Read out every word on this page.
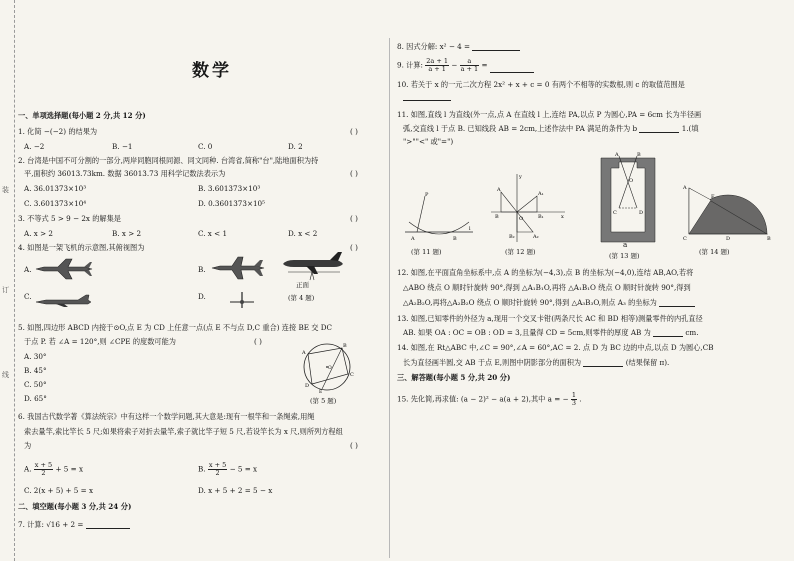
装
订
线
数学
一、单项选择题(每小题 2 分,共 12 分)
1. 化简 −(−2) 的结果为	( )
A. −2	B. −1	C. 0	D. 2
2. 台湾是中国不可分割的一部分,两岸同胞同根同源、同文同种. 台湾省,简称"台",陆地面积为持
平,面积约 36013.73km. 数据 36013.73 用科学记数法表示为	( )
A. 36.01373×10³	B. 3.601373×10³
C. 3.601373×10⁴	D. 0.3601373×10⁵
3. 不等式 5 > 9 − 2x 的解集是	( )
A. x > 2	B. x > 2	C. x < 1	D. x < 2
4. 如图是一架飞机的示意图,其俯视图为	( )
A.	B.
正面
(第 4 题)
C.	D.
5. 如图,四边形 ABCD 内接于⊙O,点 E 为 CD 上任意一点(点 E 不与点 D,C 重合) 连接 BE 交 DC
于点 P. 若 ∠A = 120°,则 ∠CPE 的度数可能为	( )
A. 30°
B. 45°
C. 50°
D. 65°
A
B
C
D
O
E
(第 5 题)
6. 我国古代数学著《算法统宗》中有这样一个数学问题,其大意是:现有一根竿和一条绳索,用绳
索去量竿,索比竿长 5 尺;如果将索子对折去量竿,索子就比竿子短 5 尺,若设竿长为 x 尺,则所列方程组
为	( )
A. $\frac{x + 5}{2} + 5 = x$	B. $\frac{x + 5}{2} - 5 = x$
C. 2(x + 5) + 5 = x	D. x + 5 + 2 = 5 − x
二、填空题(每小题 3 分,共 24 分)
7. 计算: √16 + 2 =
8. 因式分解: x² − 4 =
9. 计算: $\frac{2a + 1}{a + 1} - \frac{a}{a + 1}$ =
10. 若关于 x 的一元二次方程 2x² + x + c = 0 有两个不相等的实数根,则 c 的取值范围是
11. 如图,直线 l 为直线(外一点,点 A 在直线 l 上,连结 PA,以点 P 为圆心,PA = 6cm 长为半径画
弧,交直线 l 于点 B. 已知线段 AB = 2cm,上述作法中 PA 满足的条件为 b	1.(填
">""<" 或"=")
P
A	B
l
(第 11 题)
A
B
A₁
B₁
A₂
B₂
O	x
y
(第 12 题)
A	B
O
C	D
a
(第 13 题)
A
C	D	B
E
(第 14 题)
12. 如图,在平面直角坐标系中,点 A 的坐标为(−4,3),点 B 的坐标为(−4,0),连结 AB,AO,若将
△ABO 绕点 O 顺时针旋转 90°,得到 △A₁B₁O,再将 △A₁B₁O 绕点 O 顺时针旋转 90°,得到
△A₂B₂O,再将△A₂B₂O 绕点 O 顺时针旋转 90°,得到 △A₃B₃O,则点 A₃ 的坐标为
13. 如图,已知零件的外径为 a,现用一个交叉卡钳(两条尺长 AC 和 BD 相等)测量零件的内孔直径
AB. 如果 OA : OC = OB : OD = 3,且量得 CD = 5cm,则零件的厚度 AB 为	cm.
14. 如图,在 Rt△ABC 中,∠C = 90°,∠A = 60°,AC = 2. 点 D 为 BC 边的中点,以点 D 为圆心,CB
长为直径画半圆,交 AB 于点 E,则图中阴影部分的面积为	(结果保留 π).
三、解答题(每小题 5 分,共 20 分)
15. 先化简,再求值: (a − 2)² − a(a + 2),其中 a = − $\frac{1}{3}$ .
